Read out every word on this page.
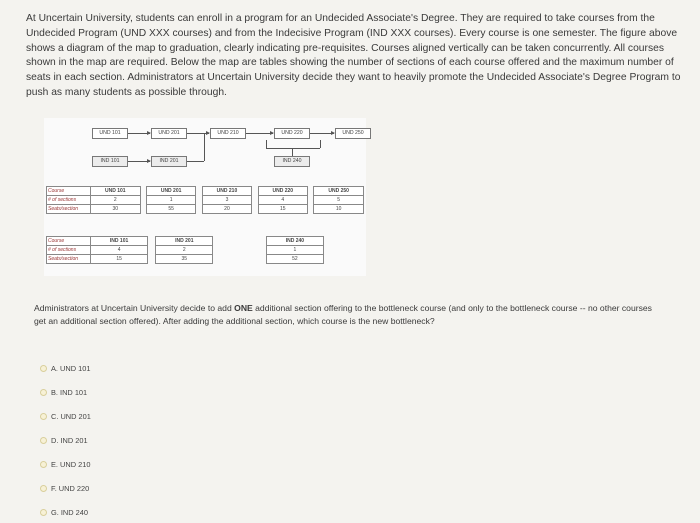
At Uncertain University, students can enroll in a program for an Undecided Associate's Degree. They are required to take courses from the Undecided Program (UND XXX courses) and from the Indecisive Program (IND XXX courses). Every course is one semester. The figure above shows a diagram of the map to graduation, clearly indicating pre-requisites. Courses aligned vertically can be taken concurrently. All courses shown in the map are required. Below the map are tables showing the number of sections of each course offered and the maximum number of seats in each section. Administrators at Uncertain University decide they want to heavily promote the Undecided Associate's Degree Program to push as many students as possible through.
UND 101	UND 201	UND 210	UND 220	UND 250
IND 101	IND 201	IND 240
Course	UND 101		UND 201		UND 210		UND 220		UND 250
# of sections	2		1		3		4		5
Seats/section	30		55		20		15		10
Course	IND 101		IND 201				IND 240	
# of sections	4		2				1	
Seats/section	15		35				52	
Administrators at Uncertain University decide to add ONE additional section offering to the bottleneck course (and only to the bottleneck course -- no other courses get an additional section offered). After adding the additional section, which course is the new bottleneck?
A. UND 101
B. IND 101
C. UND 201
D. IND 201
E. UND 210
F. UND 220
G. IND 240
